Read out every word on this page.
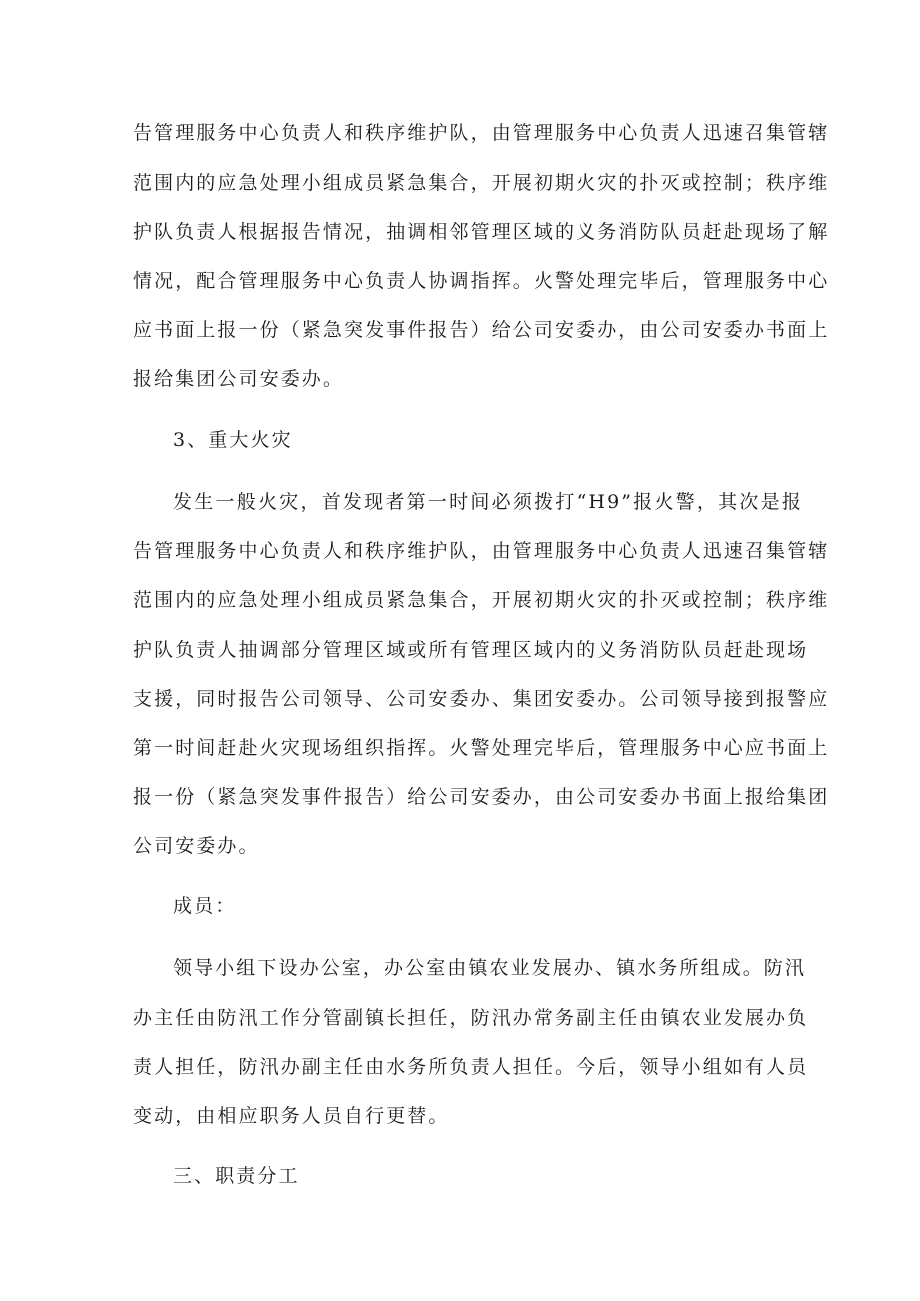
告管理服务中心负责人和秩序维护队，由管理服务中心负责人迅速召集管辖
范围内的应急处理小组成员紧急集合，开展初期火灾的扑灭或控制；秩序维
护队负责人根据报告情况，抽调相邻管理区域的义务消防队员赶赴现场了解
情况，配合管理服务中心负责人协调指挥。火警处理完毕后，管理服务中心
应书面上报一份（紧急突发事件报告）给公司安委办，由公司安委办书面上
报给集团公司安委办。
3、重大火灾
发生一般火灾，首发现者第一时间必须拨打“H9”报火警，其次是报
告管理服务中心负责人和秩序维护队，由管理服务中心负责人迅速召集管辖
范围内的应急处理小组成员紧急集合，开展初期火灾的扑灭或控制；秩序维
护队负责人抽调部分管理区域或所有管理区域内的义务消防队员赶赴现场
支援，同时报告公司领导、公司安委办、集团安委办。公司领导接到报警应
第一时间赶赴火灾现场组织指挥。火警处理完毕后，管理服务中心应书面上
报一份（紧急突发事件报告）给公司安委办，由公司安委办书面上报给集团
公司安委办。
成员：
领导小组下设办公室，办公室由镇农业发展办、镇水务所组成。防汛
办主任由防汛工作分管副镇长担任，防汛办常务副主任由镇农业发展办负
责人担任，防汛办副主任由水务所负责人担任。今后，领导小组如有人员
变动，由相应职务人员自行更替。
三、职责分工
